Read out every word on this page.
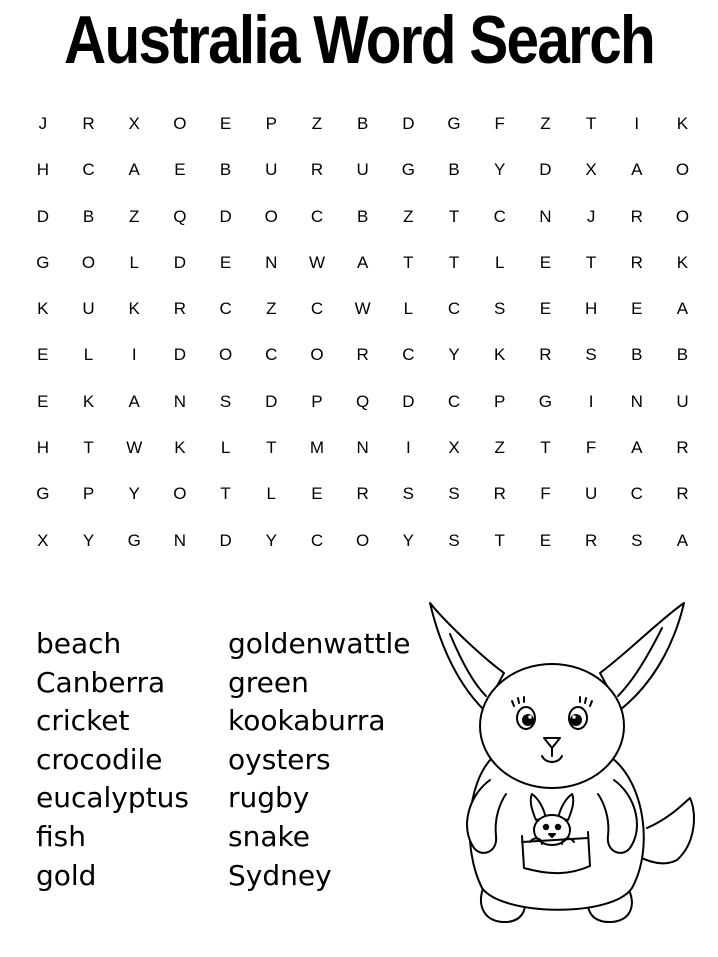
Australia Word Search
J	R	X	O	E	P	Z	B	D	G	F	Z	T	I	K
H	C	A	E	B	U	R	U	G	B	Y	D	X	A	O
D	B	Z	Q	D	O	C	B	Z	T	C	N	J	R	O
G	O	L	D	E	N	W	A	T	T	L	E	T	R	K
K	U	K	R	C	Z	C	W	L	C	S	E	H	E	A
E	L	I	D	O	C	O	R	C	Y	K	R	S	B	B
E	K	A	N	S	D	P	Q	D	C	P	G	I	N	U
H	T	W	K	L	T	M	N	I	X	Z	T	F	A	R
G	P	Y	O	T	L	E	R	S	S	R	F	U	C	R
X	Y	G	N	D	Y	C	O	Y	S	T	E	R	S	A
beach
Canberra
cricket
crocodile
eucalyptus
fish
gold
goldenwattle
green
kookaburra
oysters
rugby
snake
Sydney
